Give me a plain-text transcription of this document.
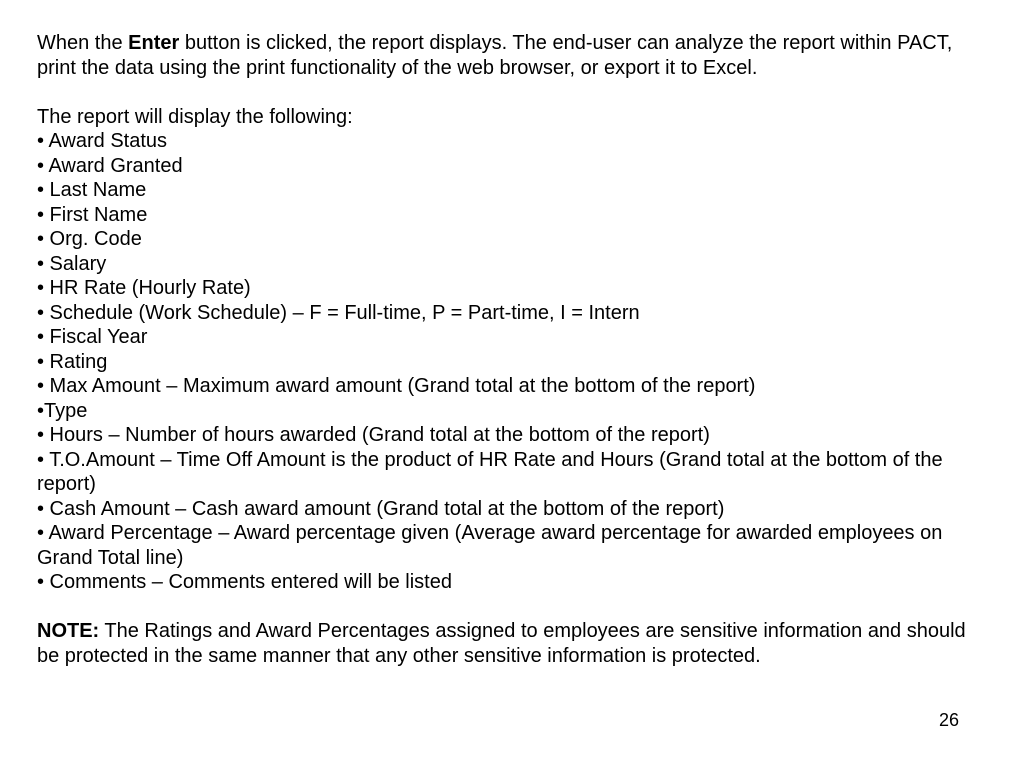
When the Enter button is clicked, the report displays. The end-user can analyze the report within PACT, print the data using the print functionality of the web browser, or export it to Excel.

The report will display the following:

• Award Status
• Award Granted
• Last Name
• First Name
• Org. Code
• Salary
• HR Rate (Hourly Rate)
• Schedule (Work Schedule) – F = Full-time, P = Part-time, I = Intern
• Fiscal Year
• Rating
• Max Amount – Maximum award amount (Grand total at the bottom of the report)
•Type
• Hours – Number of hours awarded (Grand total at the bottom of the report)
• T.O.Amount – Time Off Amount is the product of HR Rate and Hours (Grand total at the bottom of the report)
• Cash Amount – Cash award amount (Grand total at the bottom of the report)
• Award Percentage – Award percentage given (Average award percentage for awarded employees on Grand Total line)
• Comments – Comments entered will be listed

NOTE: The Ratings and Award Percentages assigned to employees are sensitive information and should be protected in the same manner that any other sensitive information is protected.

26
